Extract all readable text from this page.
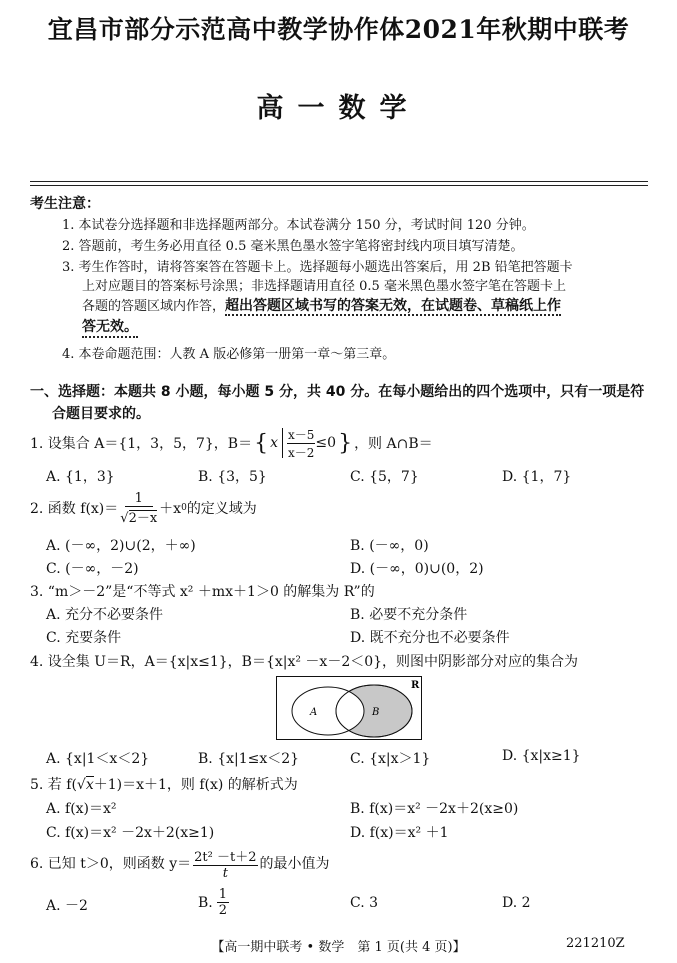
宜昌市部分示范高中教学协作体2021年秋期中联考
高一数学
考生注意：
1. 本试卷分选择题和非选择题两部分。本试卷满分 150 分，考试时间 120 分钟。
2. 答题前，考生务必用直径 0.5 毫米黑色墨水签字笔将密封线内项目填写清楚。
3. 考生作答时，请将答案答在答题卡上。选择题每小题选出答案后，用 2B 铅笔把答题卡
上对应题目的答案标号涂黑；非选择题请用直径 0.5 毫米黑色墨水签字笔在答题卡上
各题的答题区域内作答，超出答题区域书写的答案无效，在试题卷、草稿纸上作
答无效。
4. 本卷命题范围：人教 A 版必修第一册第一章～第三章。
一、选择题：本题共 8 小题，每小题 5 分，共 40 分。在每小题给出的四个选项中，只有一项是符
合题目要求的。
1. 设集合 A＝{1，3，5，7}，B＝ { x $\frac{x-5}{x-2} \le 0$ } ，则 A∩B＝
A. {1，3}	B. {3，5}	C. {5，7}	D. {1，7}
2. 函数 $f(x)= \frac{1}{√2-x} +x$ 0 的定义域为
A. (－∞，2)∪(2，＋∞)	B. (－∞，0)
C. (－∞，－2)	D. (－∞，0)∪(0，2)
3. “m＞－2”是“不等式 x² ＋mx＋1＞0 的解集为 R”的
A. 充分不必要条件	B. 必要不充分条件
C. 充要条件	D. 既不充分也不必要条件
4. 设全集 U＝R，A＝{x|x≤1}，B＝{x|x² －x－2＜0}，则图中阴影部分对应的集合为
R
A	B
A. {x|1＜x＜2}	B. {x|1≤x＜2}	C. {x|x＞1}	D. {x|x≥1}
5. 若 f(√x＋1)＝x＋1，则 f(x) 的解析式为
A. f(x)＝x²	B. f(x)＝x² －2x＋2(x≥0)
C. f(x)＝x² －2x＋2(x≥1)	D. f(x)＝x² ＋1
6. 已知 t＞0，则函数 $y= \frac{\text{2t² －t＋2}}{t}$ 的最小值为
A. －2	B. $\frac{1}{2}$	C. 3	D. 2
【高一期中联考 • 数学　第 1 页(共 4 页)】	221210Z
